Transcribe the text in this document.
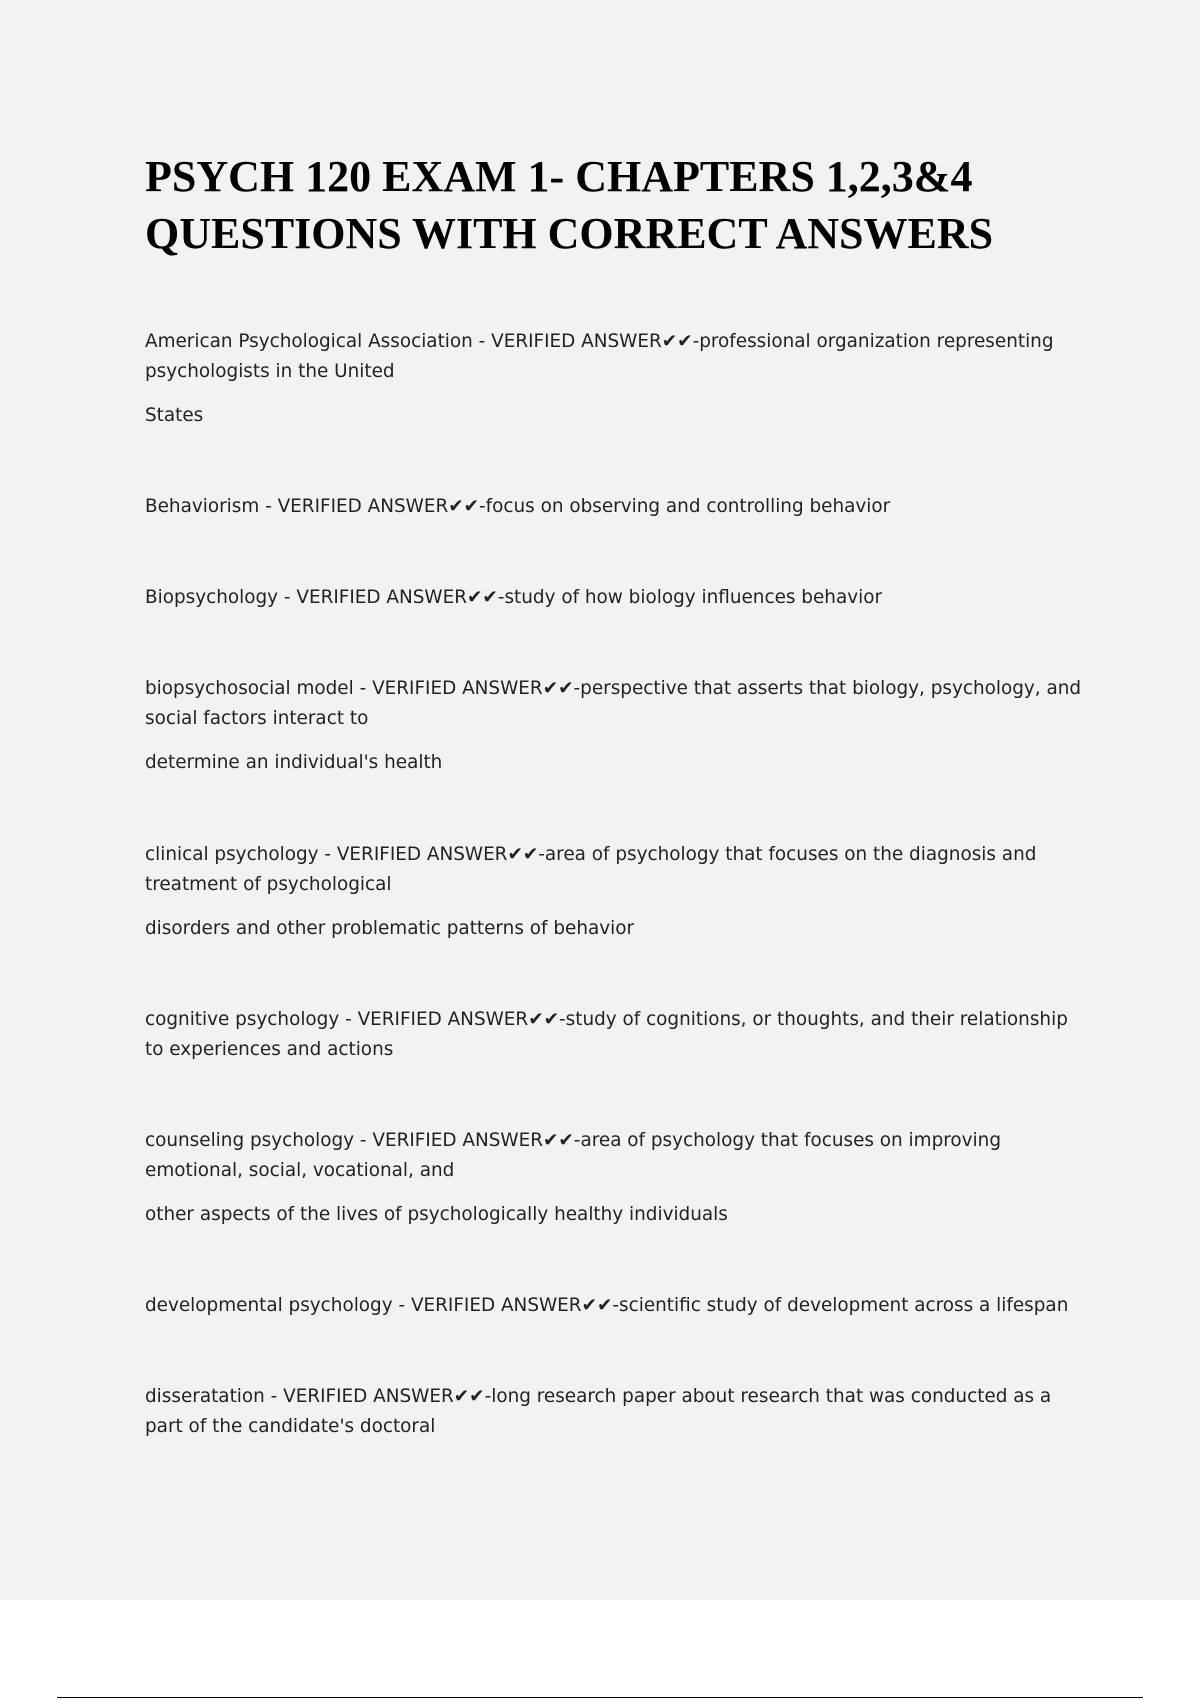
PSYCH 120 EXAM 1- CHAPTERS 1,2,3&4
QUESTIONS WITH CORRECT ANSWERS

American Psychological Association - VERIFIED ANSWER✔✔-professional organization representing

psychologists in the United

States

Behaviorism - VERIFIED ANSWER✔✔-focus on observing and controlling behavior

Biopsychology - VERIFIED ANSWER✔✔-study of how biology influences behavior

biopsychosocial model - VERIFIED ANSWER✔✔-perspective that asserts that biology, psychology, and

social factors interact to

determine an individual's health

clinical psychology - VERIFIED ANSWER✔✔-area of psychology that focuses on the diagnosis and

treatment of psychological

disorders and other problematic patterns of behavior

cognitive psychology - VERIFIED ANSWER✔✔-study of cognitions, or thoughts, and their relationship

to experiences and actions

counseling psychology - VERIFIED ANSWER✔✔-area of psychology that focuses on improving

emotional, social, vocational, and

other aspects of the lives of psychologically healthy individuals

developmental psychology - VERIFIED ANSWER✔✔-scientific study of development across a lifespan

disseratation - VERIFIED ANSWER✔✔-long research paper about research that was conducted as a

part of the candidate's doctoral
